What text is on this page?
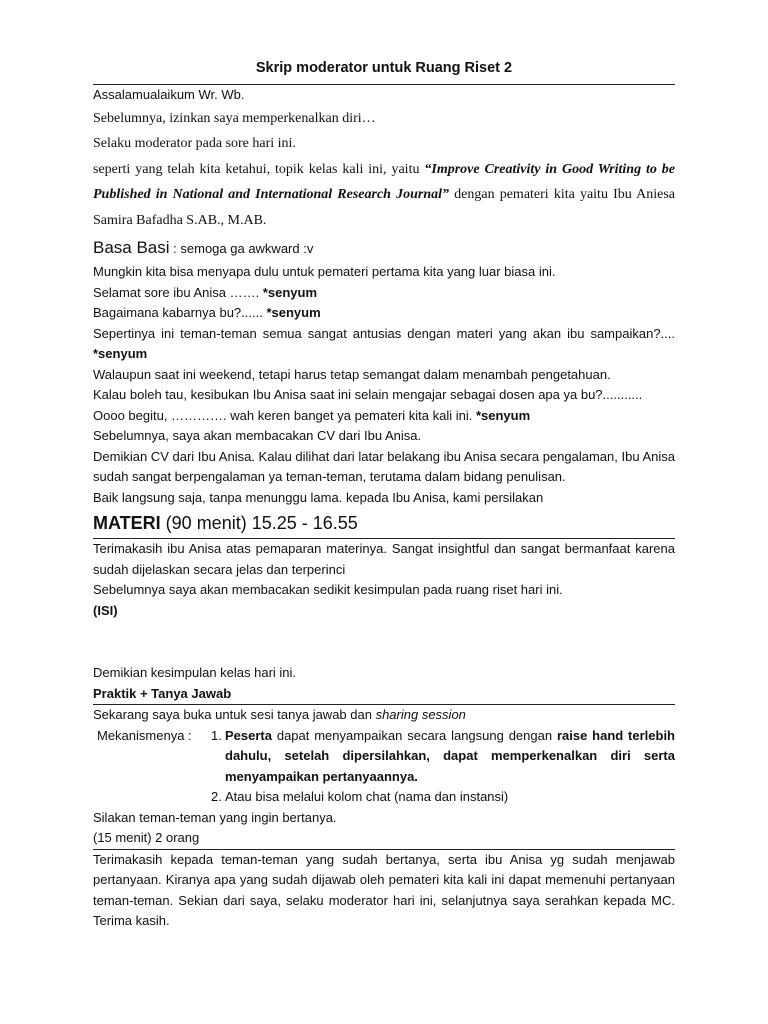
Skrip moderator untuk Ruang Riset 2

Assalamualaikum Wr. Wb.

Sebelumnya, izinkan saya memperkenalkan diri…

Selaku moderator pada sore hari ini.

seperti yang telah kita ketahui, topik kelas kali ini, yaitu “Improve Creativity in Good Writing to be Published in National and International Research Journal” dengan pemateri kita yaitu Ibu Aniesa Samira Bafadha S.AB., M.AB.

Basa Basi : semoga ga awkward :v

Mungkin kita bisa menyapa dulu untuk pemateri pertama kita yang luar biasa ini.

Selamat sore ibu Anisa ……. *senyum

Bagaimana kabarnya bu?...... *senyum

Sepertinya ini teman-teman semua sangat antusias dengan materi yang akan ibu sampaikan?.... *senyum

Walaupun saat ini weekend, tetapi harus tetap semangat dalam menambah pengetahuan.

Kalau boleh tau, kesibukan Ibu Anisa saat ini selain mengajar sebagai dosen apa ya bu?...........

Oooo begitu, …………. wah keren banget ya pemateri kita kali ini. *senyum

Sebelumnya, saya akan membacakan CV dari Ibu Anisa.

Demikian CV dari Ibu Anisa. Kalau dilihat dari latar belakang ibu Anisa secara pengalaman, Ibu Anisa sudah sangat berpengalaman ya teman-teman, terutama dalam bidang penulisan.

Baik langsung saja, tanpa menunggu lama. kepada Ibu Anisa, kami persilakan

MATERI (90 menit) 15.25 - 16.55

Terimakasih ibu Anisa atas pemaparan materinya. Sangat insightful dan sangat bermanfaat karena sudah dijelaskan secara jelas dan terperinci

Sebelumnya saya akan membacakan sedikit kesimpulan pada ruang riset hari ini.

(ISI)

Demikian kesimpulan kelas hari ini.

Praktik + Tanya Jawab

Sekarang saya buka untuk sesi tanya jawab dan sharing session

Mekanismenya :	1. Peserta dapat menyampaikan secara langsung dengan raise hand terlebih dahulu, setelah dipersilahkan, dapat memperkenalkan diri serta menyampaikan pertanyaannya.
2. Atau bisa melalui kolom chat (nama dan instansi)

Silakan teman-teman yang ingin bertanya.

(15 menit) 2 orang

Terimakasih kepada teman-teman yang sudah bertanya, serta ibu Anisa yg sudah menjawab pertanyaan. Kiranya apa yang sudah dijawab oleh pemateri kita kali ini dapat memenuhi pertanyaan teman-teman. Sekian dari saya, selaku moderator hari ini, selanjutnya saya serahkan kepada MC. Terima kasih.
